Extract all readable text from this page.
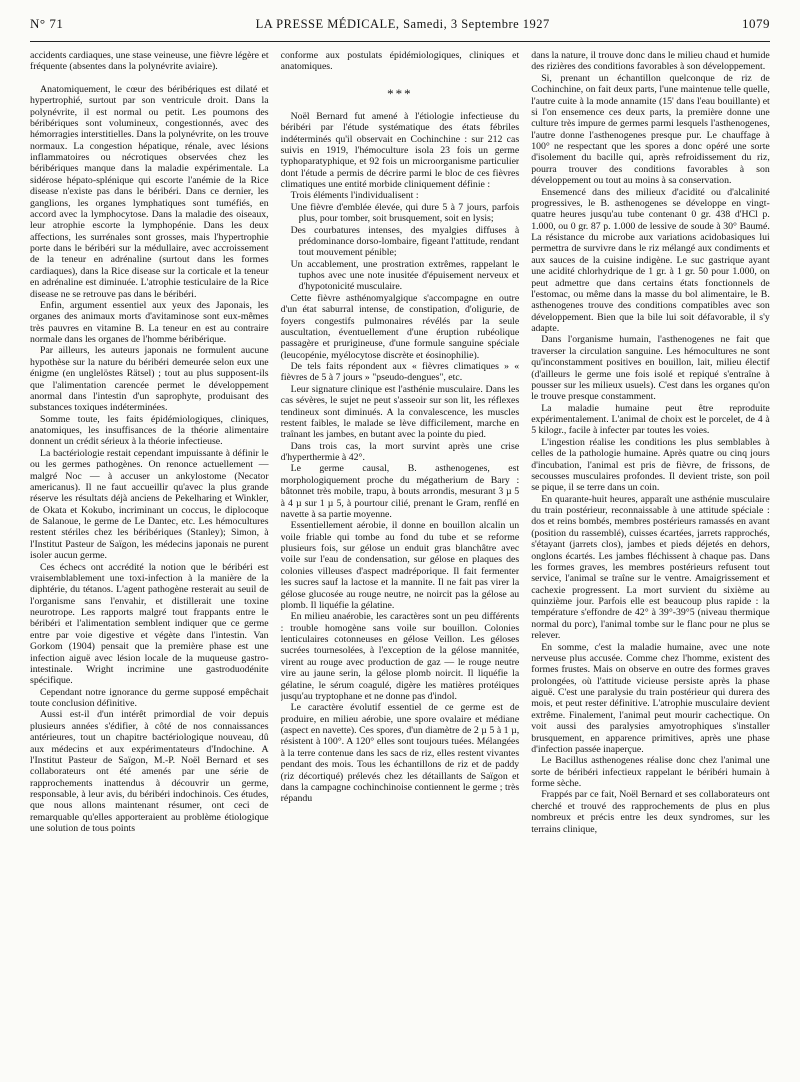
N° 71	LA PRESSE MÉDICALE, Samedi, 3 Septembre 1927	1079

accidents cardiaques, une stase veineuse, une fièvre légère et fréquente (absentes dans la polynévrite aviaire).

Anatomiquement, le cœur des béribériques est dilaté et hypertrophié, surtout par son ventricule droit. Dans la polynévrite, il est normal ou petit. Les poumons des béribériques sont volumineux, congestionnés, avec des hémorragies interstitielles. Dans la polynévrite, on les trouve normaux. La congestion hépatique, rénale, avec lésions inflammatoires ou nécrotiques observées chez les béribériques manque dans la maladie expérimentale. La sidérose hépato-splénique qui escorte l'anémie de la Rice disease n'existe pas dans le béribéri. Dans ce dernier, les ganglions, les organes lymphatiques sont tuméfiés, en accord avec la lymphocytose. Dans la maladie des oiseaux, leur atrophie escorte la lymphopénie. Dans les deux affections, les surrénales sont grosses, mais l'hypertrophie porte dans le béribéri sur la médullaire, avec accroissement de la teneur en adrénaline (surtout dans les formes cardiaques), dans la Rice disease sur la corticale et la teneur en adrénaline est diminuée. L'atrophie testiculaire de la Rice disease ne se retrouve pas dans le béribéri.

Enfin, argument essentiel aux yeux des Japonais, les organes des animaux morts d'avitaminose sont eux-mêmes très pauvres en vitamine B. La teneur en est au contraire normale dans les organes de l'homme béribérique.

Par ailleurs, les auteurs japonais ne formulent aucune hypothèse sur la nature du béribéri demeurée selon eux une énigme (en unglelöstes Rätsel) ; tout au plus supposent-ils que l'alimentation carencée permet le développement anormal dans l'intestin d'un saprophyte, produisant des substances toxiques indéterminées.

Somme toute, les faits épidémiologiques, cliniques, anatomiques, les insuffisances de la théorie alimentaire donnent un crédit sérieux à la théorie infectieuse.

La bactériologie restait cependant impuissante à définir le ou les germes pathogènes. On renonce actuellement — malgré Noc — à accuser un ankylostome (Necator americanus). Il ne faut accueillir qu'avec la plus grande réserve les résultats déjà anciens de Pekelharing et Winkler, de Okata et Kokubo, incriminant un coccus, le diplocoque de Salanoue, le germe de Le Dantec, etc. Les hémocultures restent stériles chez les béribériques (Stanley); Simon, à l'Institut Pasteur de Saïgon, les médecins japonais ne purent isoler aucun germe.

Ces échecs ont accrédité la notion que le béribéri est vraisemblablement une toxi-infection à la manière de la diphtérie, du tétanos. L'agent pathogène resterait au seuil de l'organisme sans l'envahir, et distillerait une toxine neurotrope. Les rapports malgré tout frappants entre le béribéri et l'alimentation semblent indiquer que ce germe entre par voie digestive et végète dans l'intestin. Van Gorkom (1904) pensait que la première phase est une infection aiguë avec lésion locale de la muqueuse gastro-intestinale. Wright incrimine une gastroduodénite spécifique.

Cependant notre ignorance du germe supposé empêchait toute conclusion définitive.

Aussi est-il d'un intérêt primordial de voir depuis plusieurs années s'édifier, à côté de nos connaissances antérieures, tout un chapitre bactériologique nouveau, dû aux médecins et aux expérimentateurs d'Indochine. A l'Institut Pasteur de Saïgon, M.-P. Noël Bernard et ses collaborateurs ont été amenés par une série de rapprochements inattendus à découvrir un germe, responsable, à leur avis, du béribéri indochinois. Ces études, que nous allons maintenant résumer, ont ceci de remarquable qu'elles apporteraient au problème étiologique une solution de tous points

conforme aux postulats épidémiologiques, cliniques et anatomiques.

***

Noël Bernard fut amené à l'étiologie infectieuse du béribéri par l'étude systématique des états fébriles indéterminés qu'il observait en Cochinchine : sur 212 cas suivis en 1919, l'hémoculture isola 23 fois un germe typhoparatyphique, et 92 fois un microorganisme particulier dont l'étude a permis de décrire parmi le bloc de ces fièvres climatiques une entité morbide cliniquement définie :

Trois éléments l'individualisent :

Une fièvre d'emblée élevée, qui dure 5 à 7 jours, parfois plus, pour tomber, soit brusquement, soit en lysis;
Des courbatures intenses, des myalgies diffuses à prédominance dorso-lombaire, figeant l'attitude, rendant tout mouvement pénible;
Un accablement, une prostration extrêmes, rappelant le tuphos avec une note inusitée d'épuisement nerveux et d'hypotonicité musculaire.

Cette fièvre asthénomyalgique s'accompagne en outre d'un état saburral intense, de constipation, d'oligurie, de foyers congestifs pulmonaires révélés par la seule auscultation, éventuellement d'une éruption rubéolique passagère et prurigineuse, d'une formule sanguine spéciale (leucopénie, myélocytose discrète et éosinophilie).

De tels faits répondent aux « fièvres climatiques » « fièvres de 5 à 7 jours » "pseudo-dengues", etc.

Leur signature clinique est l'asthénie musculaire. Dans les cas sévères, le sujet ne peut s'asseoir sur son lit, les réflexes tendineux sont diminués. A la convalescence, les muscles restent faibles, le malade se lève difficilement, marche en traînant les jambes, en butant avec la pointe du pied.

Dans trois cas, la mort survint après une crise d'hyperthermie à 42°.

Le germe causal, B. asthenogenes, est morphologiquement proche du mégatherium de Bary : bâtonnet très mobile, trapu, à bouts arrondis, mesurant 3 µ 5 à 4 µ sur 1 µ 5, à pourtour cilié, prenant le Gram, renflé en navette à sa partie moyenne.

Essentiellement aérobie, il donne en bouillon alcalin un voile friable qui tombe au fond du tube et se reforme plusieurs fois, sur gélose un enduit gras blanchâtre avec voile sur l'eau de condensation, sur gélose en plaques des colonies villeuses d'aspect madréporique. Il fait fermenter les sucres sauf la lactose et la mannite. Il ne fait pas virer la gélose glucosée au rouge neutre, ne noircit pas la gélose au plomb. Il liquéfie la gélatine.

En milieu anaérobie, les caractères sont un peu différents : trouble homogène sans voile sur bouillon. Colonies lenticulaires cotonneuses en gélose Veillon. Les géloses sucrées tournesolées, à l'exception de la gélose mannitée, virent au rouge avec production de gaz — le rouge neutre vire au jaune serin, la gélose plomb noircit. Il liquéfie la gélatine, le sérum coagulé, digère les matières protéiques jusqu'au tryptophane et ne donne pas d'indol.

Le caractère évolutif essentiel de ce germe est de produire, en milieu aérobie, une spore ovalaire et médiane (aspect en navette). Ces spores, d'un diamètre de 2 µ 5 à 1 µ, résistent à 100°. A 120° elles sont toujours tuées. Mélangées à la terre contenue dans les sacs de riz, elles restent vivantes pendant des mois. Tous les échantillons de riz et de paddy (riz décortiqué) prélevés chez les détaillants de Saïgon et dans la campagne cochinchinoise contiennent le germe ; très répandu

dans la nature, il trouve donc dans le milieu chaud et humide des rizières des conditions favorables à son développement.

Si, prenant un échantillon quelconque de riz de Cochinchine, on fait deux parts, l'une maintenue telle quelle, l'autre cuite à la mode annamite (15' dans l'eau bouillante) et si l'on ensemence ces deux parts, la première donne une culture très impure de germes parmi lesquels l'asthenogenes, l'autre donne l'asthenogenes presque pur. Le chauffage à 100° ne respectant que les spores a donc opéré une sorte d'isolement du bacille qui, après refroidissement du riz, pourra trouver des conditions favorables à son développement ou tout au moins à sa conservation.

Ensemencé dans des milieux d'acidité ou d'alcalinité progressives, le B. asthenogenes se développe en vingt-quatre heures jusqu'au tube contenant 0 gr. 438 d'HCl p. 1.000, ou 0 gr. 87 p. 1.000 de lessive de soude à 30° Baumé. La résistance du microbe aux variations acidobasiques lui permettra de survivre dans le riz mélangé aux condiments et aux sauces de la cuisine indigène. Le suc gastrique ayant une acidité chlorhydrique de 1 gr. à 1 gr. 50 pour 1.000, on peut admettre que dans certains états fonctionnels de l'estomac, ou même dans la masse du bol alimentaire, le B. asthenogenes trouve des conditions compatibles avec son développement. Bien que la bile lui soit défavorable, il s'y adapte.

Dans l'organisme humain, l'asthenogenes ne fait que traverser la circulation sanguine. Les hémocultures ne sont qu'inconstamment positives en bouillon, lait, milieu électif (d'ailleurs le germe une fois isolé et repiqué s'entraîne à pousser sur les milieux usuels). C'est dans les organes qu'on le trouve presque constamment.

La maladie humaine peut être reproduite expérimentalement. L'animal de choix est le porcelet, de 4 à 5 kilogr., facile à infecter par toutes les voies.

L'ingestion réalise les conditions les plus semblables à celles de la pathologie humaine. Après quatre ou cinq jours d'incubation, l'animal est pris de fièvre, de frissons, de secousses musculaires profondes. Il devient triste, son poil se pique, il se terre dans un coin.

En quarante-huit heures, apparaît une asthénie musculaire du train postérieur, reconnaissable à une attitude spéciale : dos et reins bombés, membres postérieurs ramassés en avant (position du rassemblé), cuisses écartées, jarrets rapprochés, s'étayant (jarrets clos), jambes et pieds déjetés en dehors, onglons écartés. Les jambes fléchissent à chaque pas. Dans les formes graves, les membres postérieurs refusent tout service, l'animal se traîne sur le ventre. Amaigrissement et cachexie progressent. La mort survient du sixième au quinzième jour. Parfois elle est beaucoup plus rapide : la température s'effondre de 42° à 39°-39°5 (niveau thermique normal du porc), l'animal tombe sur le flanc pour ne plus se relever.

En somme, c'est la maladie humaine, avec une note nerveuse plus accusée. Comme chez l'homme, existent des formes frustes. Mais on observe en outre des formes graves prolongées, où l'attitude vicieuse persiste après la phase aiguë. C'est une paralysie du train postérieur qui durera des mois, et peut rester définitive. L'atrophie musculaire devient extrême. Finalement, l'animal peut mourir cachectique. On voit aussi des paralysies amyotrophiques s'installer brusquement, en apparence primitives, après une phase d'infection passée inaperçue.

Le Bacillus asthenogenes réalise donc chez l'animal une sorte de béribéri infectieux rappelant le béribéri humain à forme sèche.

Frappés par ce fait, Noël Bernard et ses collaborateurs ont cherché et trouvé des rapprochements de plus en plus nombreux et précis entre les deux syndromes, sur les terrains clinique,
